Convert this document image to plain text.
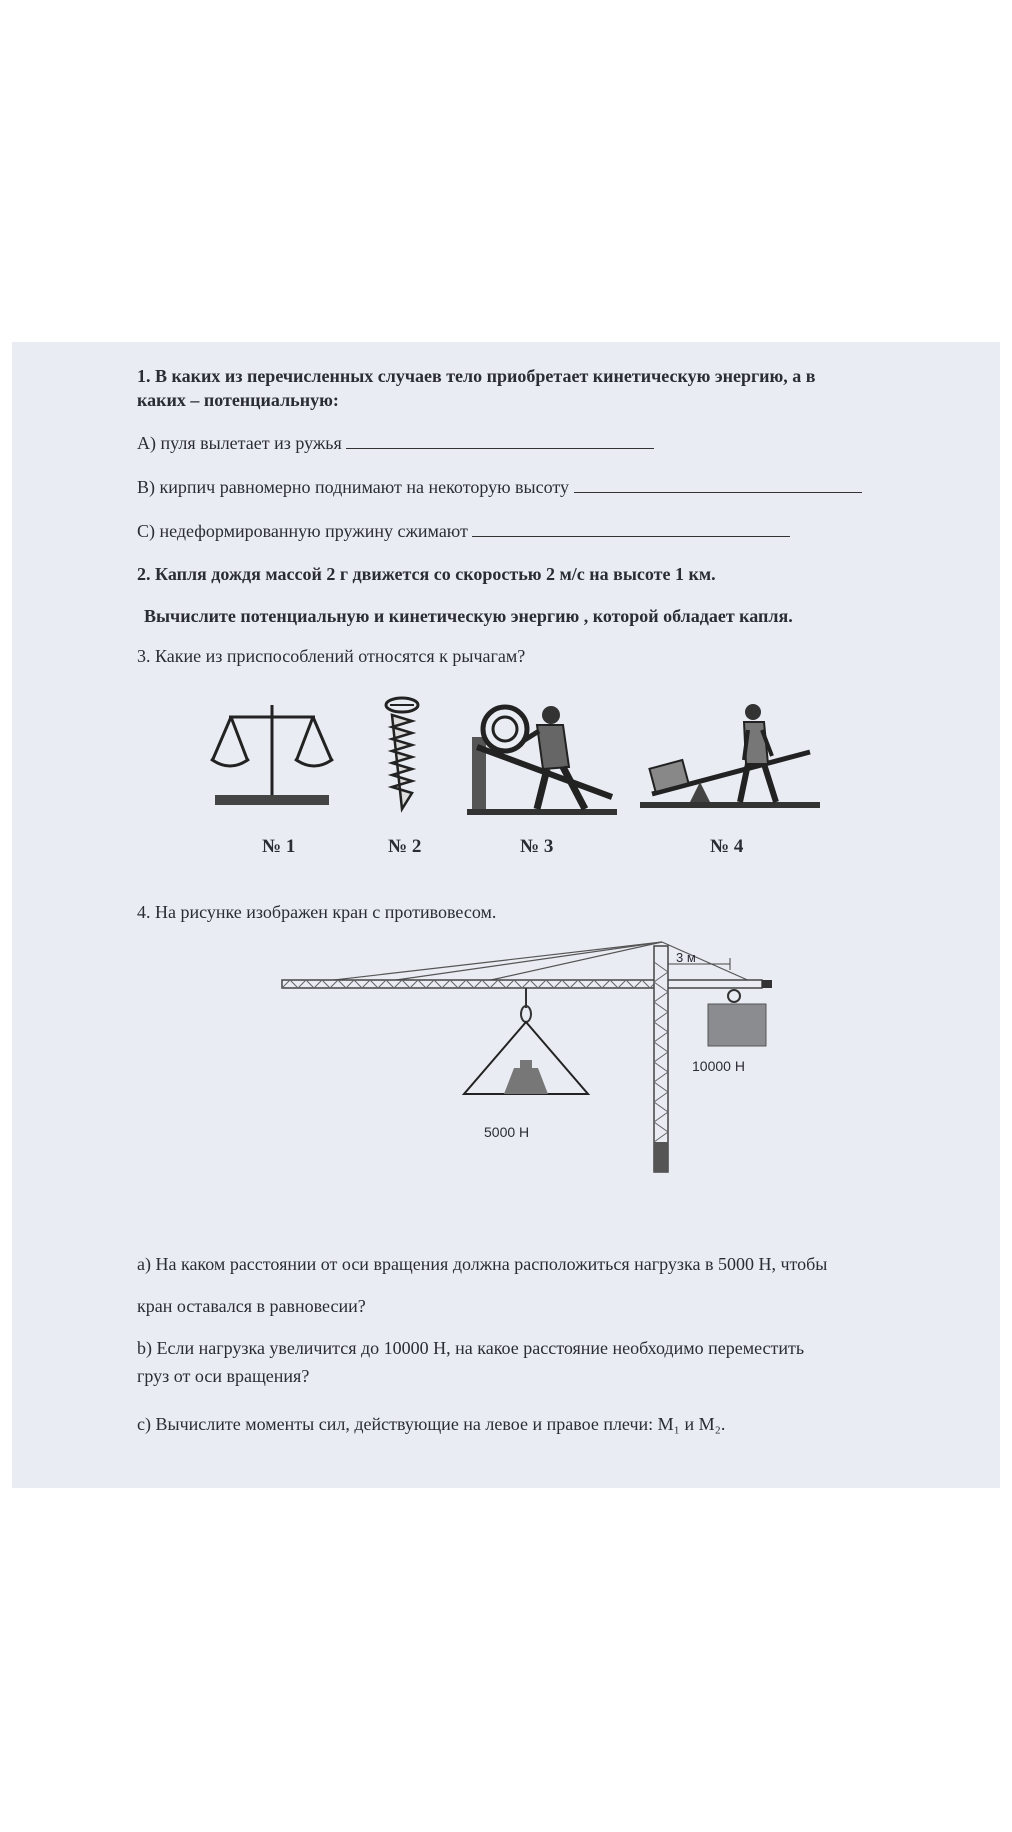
1. В каких из перечисленных случаев тело приобретает кинетическую энергию, а в
каких – потенциальную:
А) пуля вылетает из ружья
В) кирпич равномерно поднимают на некоторую высоту
С) недеформированную пружину сжимают
2. Капля дождя массой 2 г движется со скоростью 2 м/с на высоте 1 км.
Вычислите потенциальную и кинетическую энергию , которой обладает капля.
3. Какие из приспособлений относятся к рычагам?
№ 1	№ 2	№ 3	№ 4
4. На рисунке изображен кран с противовесом.
3 м
10000 Н
5000 Н
а) На каком расстоянии от оси вращения должна расположиться нагрузка в 5000 Н, чтобы
кран оставался в равновесии?
b) Если нагрузка увеличится до 10000 Н, на какое расстояние необходимо переместить
груз от оси вращения?
с) Вычислите моменты сил, действующие на левое и правое плечи: M₁ и M₂.
